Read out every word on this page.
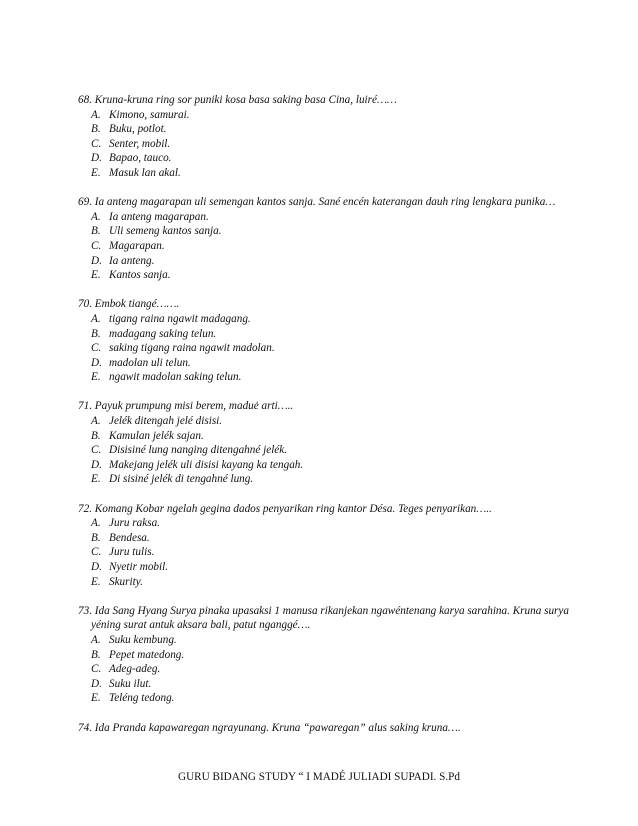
68. Kruna-kruna ring sor puniki kosa basa saking basa Cina, luiré……

A. Kimono, samurai.

B. Buku, potlot.

C. Senter, mobil.

D. Bapao, tauco.

E. Masuk lan akal.

69. Ia anteng magarapan uli semengan kantos sanja. Sané encén katerangan dauh ring lengkara punika…

A. Ia anteng magarapan.

B. Uli semeng kantos sanja.

C. Magarapan.

D. Ia anteng.

E. Kantos sanja.

70. Embok tiangé…….

A. tigang raina ngawit madagang.

B. madagang saking telun.

C. saking tigang raina ngawit madolan.

D. madolan uli telun.

E. ngawit madolan saking telun.

71. Payuk prumpung misi berem, maduė arti…..

A. Jelék ditengah jelé disisi.

B. Kamulan jelék sajan.

C. Disisiné lung nanging ditengahné jelék.

D. Makejang jelék uli disisi kayang ka tengah.

E. Di sisiné jelék di tengahné lung.

72. Komang Kobar ngelah gegina dados penyarikan ring kantor Désa. Teges penyarikan…..

A. Juru raksa.

B. Bendesa.

C. Juru tulis.

D. Nyetir mobil.

E. Skurity.

73. Ida Sang Hyang Surya pinaka upasaksi 1 manusa rikanjekan ngawéntenang karya sarahina. Kruna surya yéning surat antuk aksara bali, patut nganggé….

A. Suku kembung.

B. Pepet matedong.

C. Adeg-adeg.

D. Suku ilut.

E. Teléng tedong.

74. Ida Pranda kapawaregan ngrayunang. Kruna “pawaregan” alus saking kruna….

GURU BIDANG STUDY “ I MADÉ JULIADI SUPADI. S.Pd
